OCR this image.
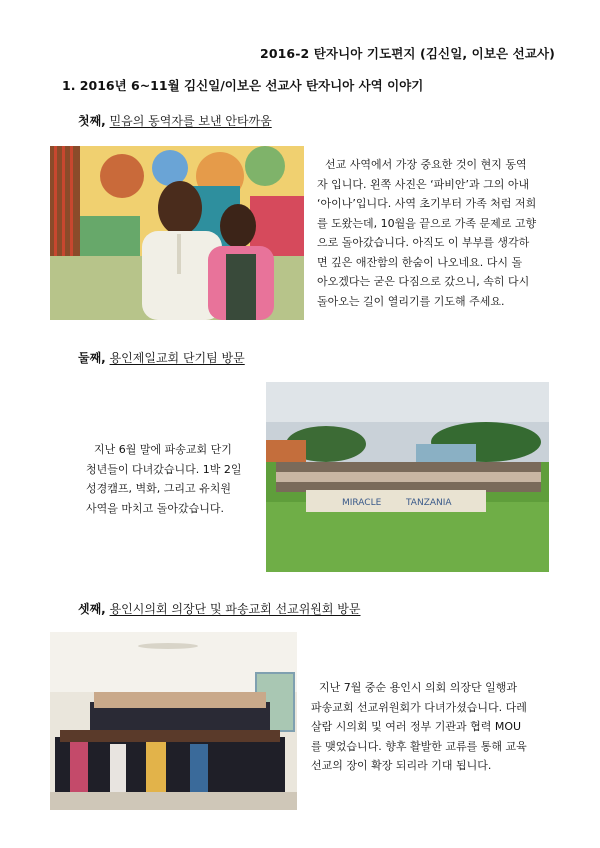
2016-2 탄자니아 기도편지 (김신일, 이보은 선교사)
1. 2016년 6~11월 김신일/이보은 선교사 탄자니아 사역 이야기
첫째, 믿음의 동역자를 보낸 안타까움
선교 사역에서 가장 중요한 것이 현지 동역
자 입니다. 왼쪽 사진은 ‘파비안’과 그의 아내
‘아이나’입니다. 사역 초기부터 가족 처럼 저희
를 도왔는데, 10월을 끝으로 가족 문제로 고향
으로 돌아갔습니다. 아직도 이 부부를 생각하
면 깊은 애잔함의 한숨이 나오네요. 다시 돌
아오겠다는 굳은 다짐으로 갔으니, 속히 다시
돌아오는 길이 열리기를 기도해 주세요.
둘째, 용인제일교회 단기팀 방문
지난 6월 말에 파송교회 단기
청년들이 다녀갔습니다. 1박 2일
성경캠프, 벽화, 그리고 유치원
사역을 마치고 돌아갔습니다.	MIRACLE	TANZANIA
셋째, 용인시의회 의장단 및 파송교회 선교위원회 방문
지난 7월 중순 용인시 의회 의장단 일행과
파송교회 선교위원회가 다녀가셨습니다. 다레
살람 시의회 및 여러 정부 기관과 협력 MOU
를 맺었습니다. 향후 활발한 교류를 통해 교육
선교의 장이 확장 되리라 기대 됩니다.
